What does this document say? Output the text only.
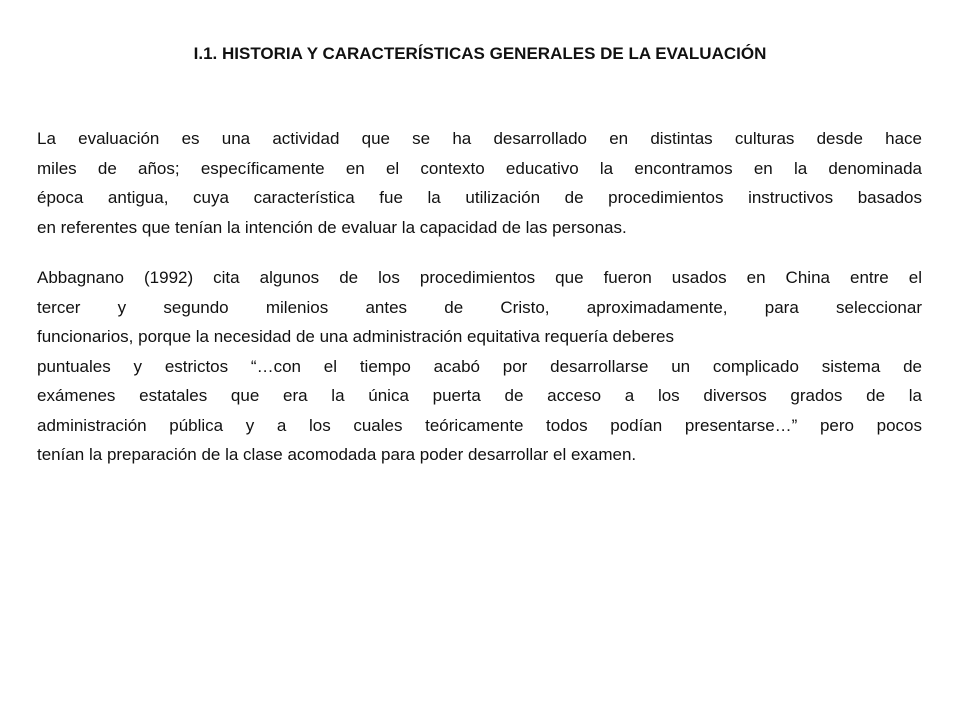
I.1. HISTORIA Y CARACTERÍSTICAS GENERALES DE LA EVALUACIÓN

La evaluación es una actividad que se ha desarrollado en distintas culturas desde hace
miles de años; específicamente en el contexto educativo la encontramos en la denominada
época antigua, cuya característica fue la utilización de procedimientos instructivos basados
en referentes que tenían la intención de evaluar la capacidad de las personas.

Abbagnano (1992) cita algunos de los procedimientos que fueron usados en China entre el
tercer y segundo milenios antes de Cristo, aproximadamente, para seleccionar
funcionarios, porque la necesidad de una administración equitativa requería deberes
puntuales y estrictos “…con el tiempo acabó por desarrollarse un complicado sistema de
exámenes estatales que era la única puerta de acceso a los diversos grados de la
administración pública y a los cuales teóricamente todos podían presentarse…” pero pocos
tenían la preparación de la clase acomodada para poder desarrollar el examen.
